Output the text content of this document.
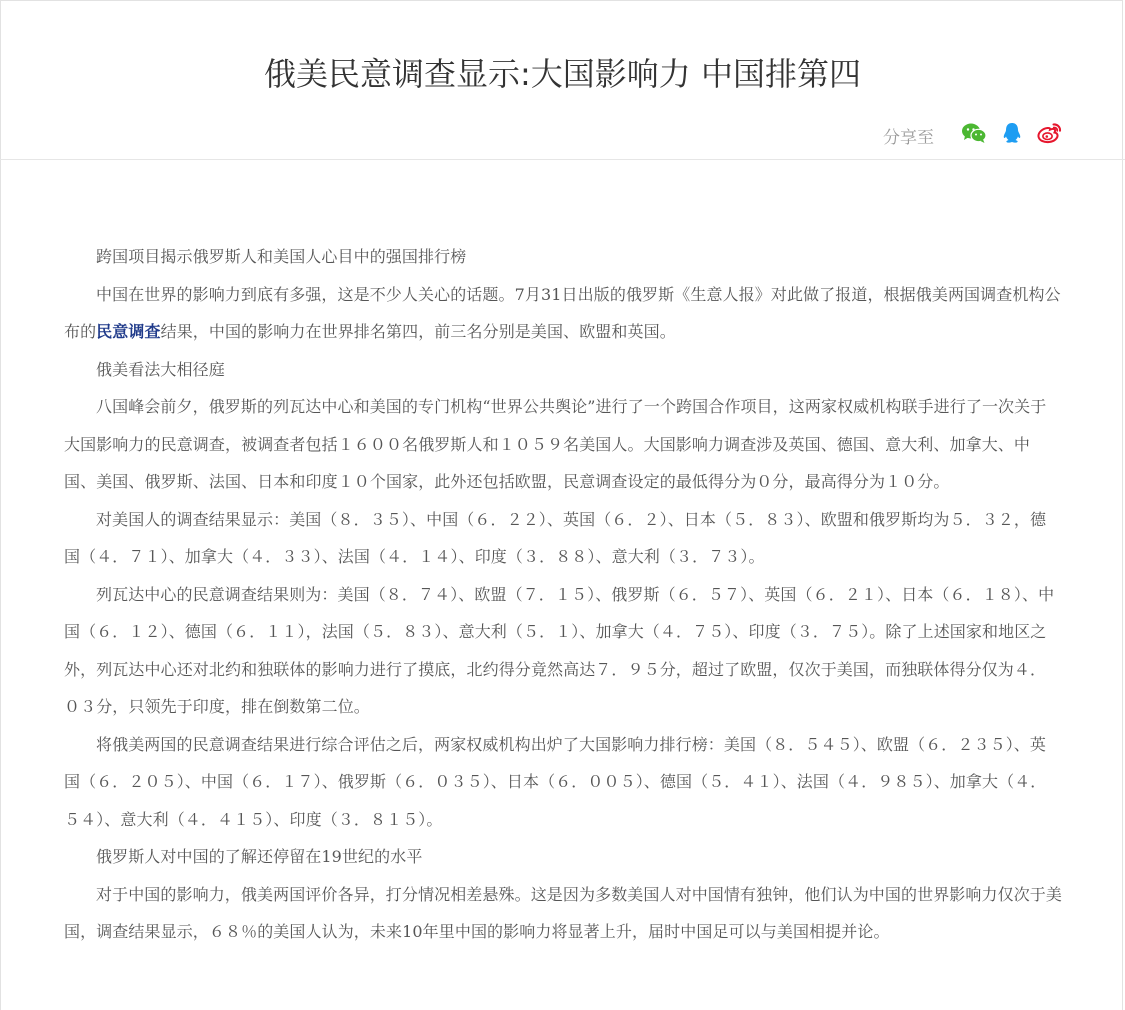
俄美民意调查显示:大国影响力 中国排第四
分享至

跨国项目揭示俄罗斯人和美国人心目中的强国排行榜

中国在世界的影响力到底有多强，这是不少人关心的话题。7月31日出版的俄罗斯《生意人报》对此做了报道，根据俄美两国调查机构公布的民意调查结果，中国的影响力在世界排名第四，前三名分别是美国、欧盟和英国。

俄美看法大相径庭

八国峰会前夕，俄罗斯的列瓦达中心和美国的专门机构“世界公共舆论”进行了一个跨国合作项目，这两家权威机构联手进行了一次关于大国影响力的民意调查，被调查者包括１６００名俄罗斯人和１０５９名美国人。大国影响力调查涉及英国、德国、意大利、加拿大、中国、美国、俄罗斯、法国、日本和印度１０个国家，此外还包括欧盟，民意调查设定的最低得分为０分，最高得分为１０分。

对美国人的调查结果显示：美国（８．３５）、中国（６．２２）、英国（６．２）、日本（５．８３）、欧盟和俄罗斯均为５．３２，德国（４．７１）、加拿大（４．３３）、法国（４．１４）、印度（３．８８）、意大利（３．７３）。

列瓦达中心的民意调查结果则为：美国（８．７４）、欧盟（７．１５）、俄罗斯（６．５７）、英国（６．２１）、日本（６．１８）、中国（６．１２）、德国（６．１１），法国（５．８３）、意大利（５．１）、加拿大（４．７５）、印度（３．７５）。除了上述国家和地区之外，列瓦达中心还对北约和独联体的影响力进行了摸底，北约得分竟然高达７．９５分，超过了欧盟，仅次于美国，而独联体得分仅为４．０３分，只领先于印度，排在倒数第二位。

将俄美两国的民意调查结果进行综合评估之后，两家权威机构出炉了大国影响力排行榜：美国（８．５４５）、欧盟（６．２３５）、英国（６．２０５）、中国（６．１７）、俄罗斯（６．０３５）、日本（６．００５）、德国（５．４１）、法国（４．９８５）、加拿大（４．５４）、意大利（４．４１５）、印度（３．８１５）。

俄罗斯人对中国的了解还停留在19世纪的水平

对于中国的影响力，俄美两国评价各异，打分情况相差悬殊。这是因为多数美国人对中国情有独钟，他们认为中国的世界影响力仅次于美国，调查结果显示，６８％的美国人认为，未来10年里中国的影响力将显著上升，届时中国足可以与美国相提并论。
